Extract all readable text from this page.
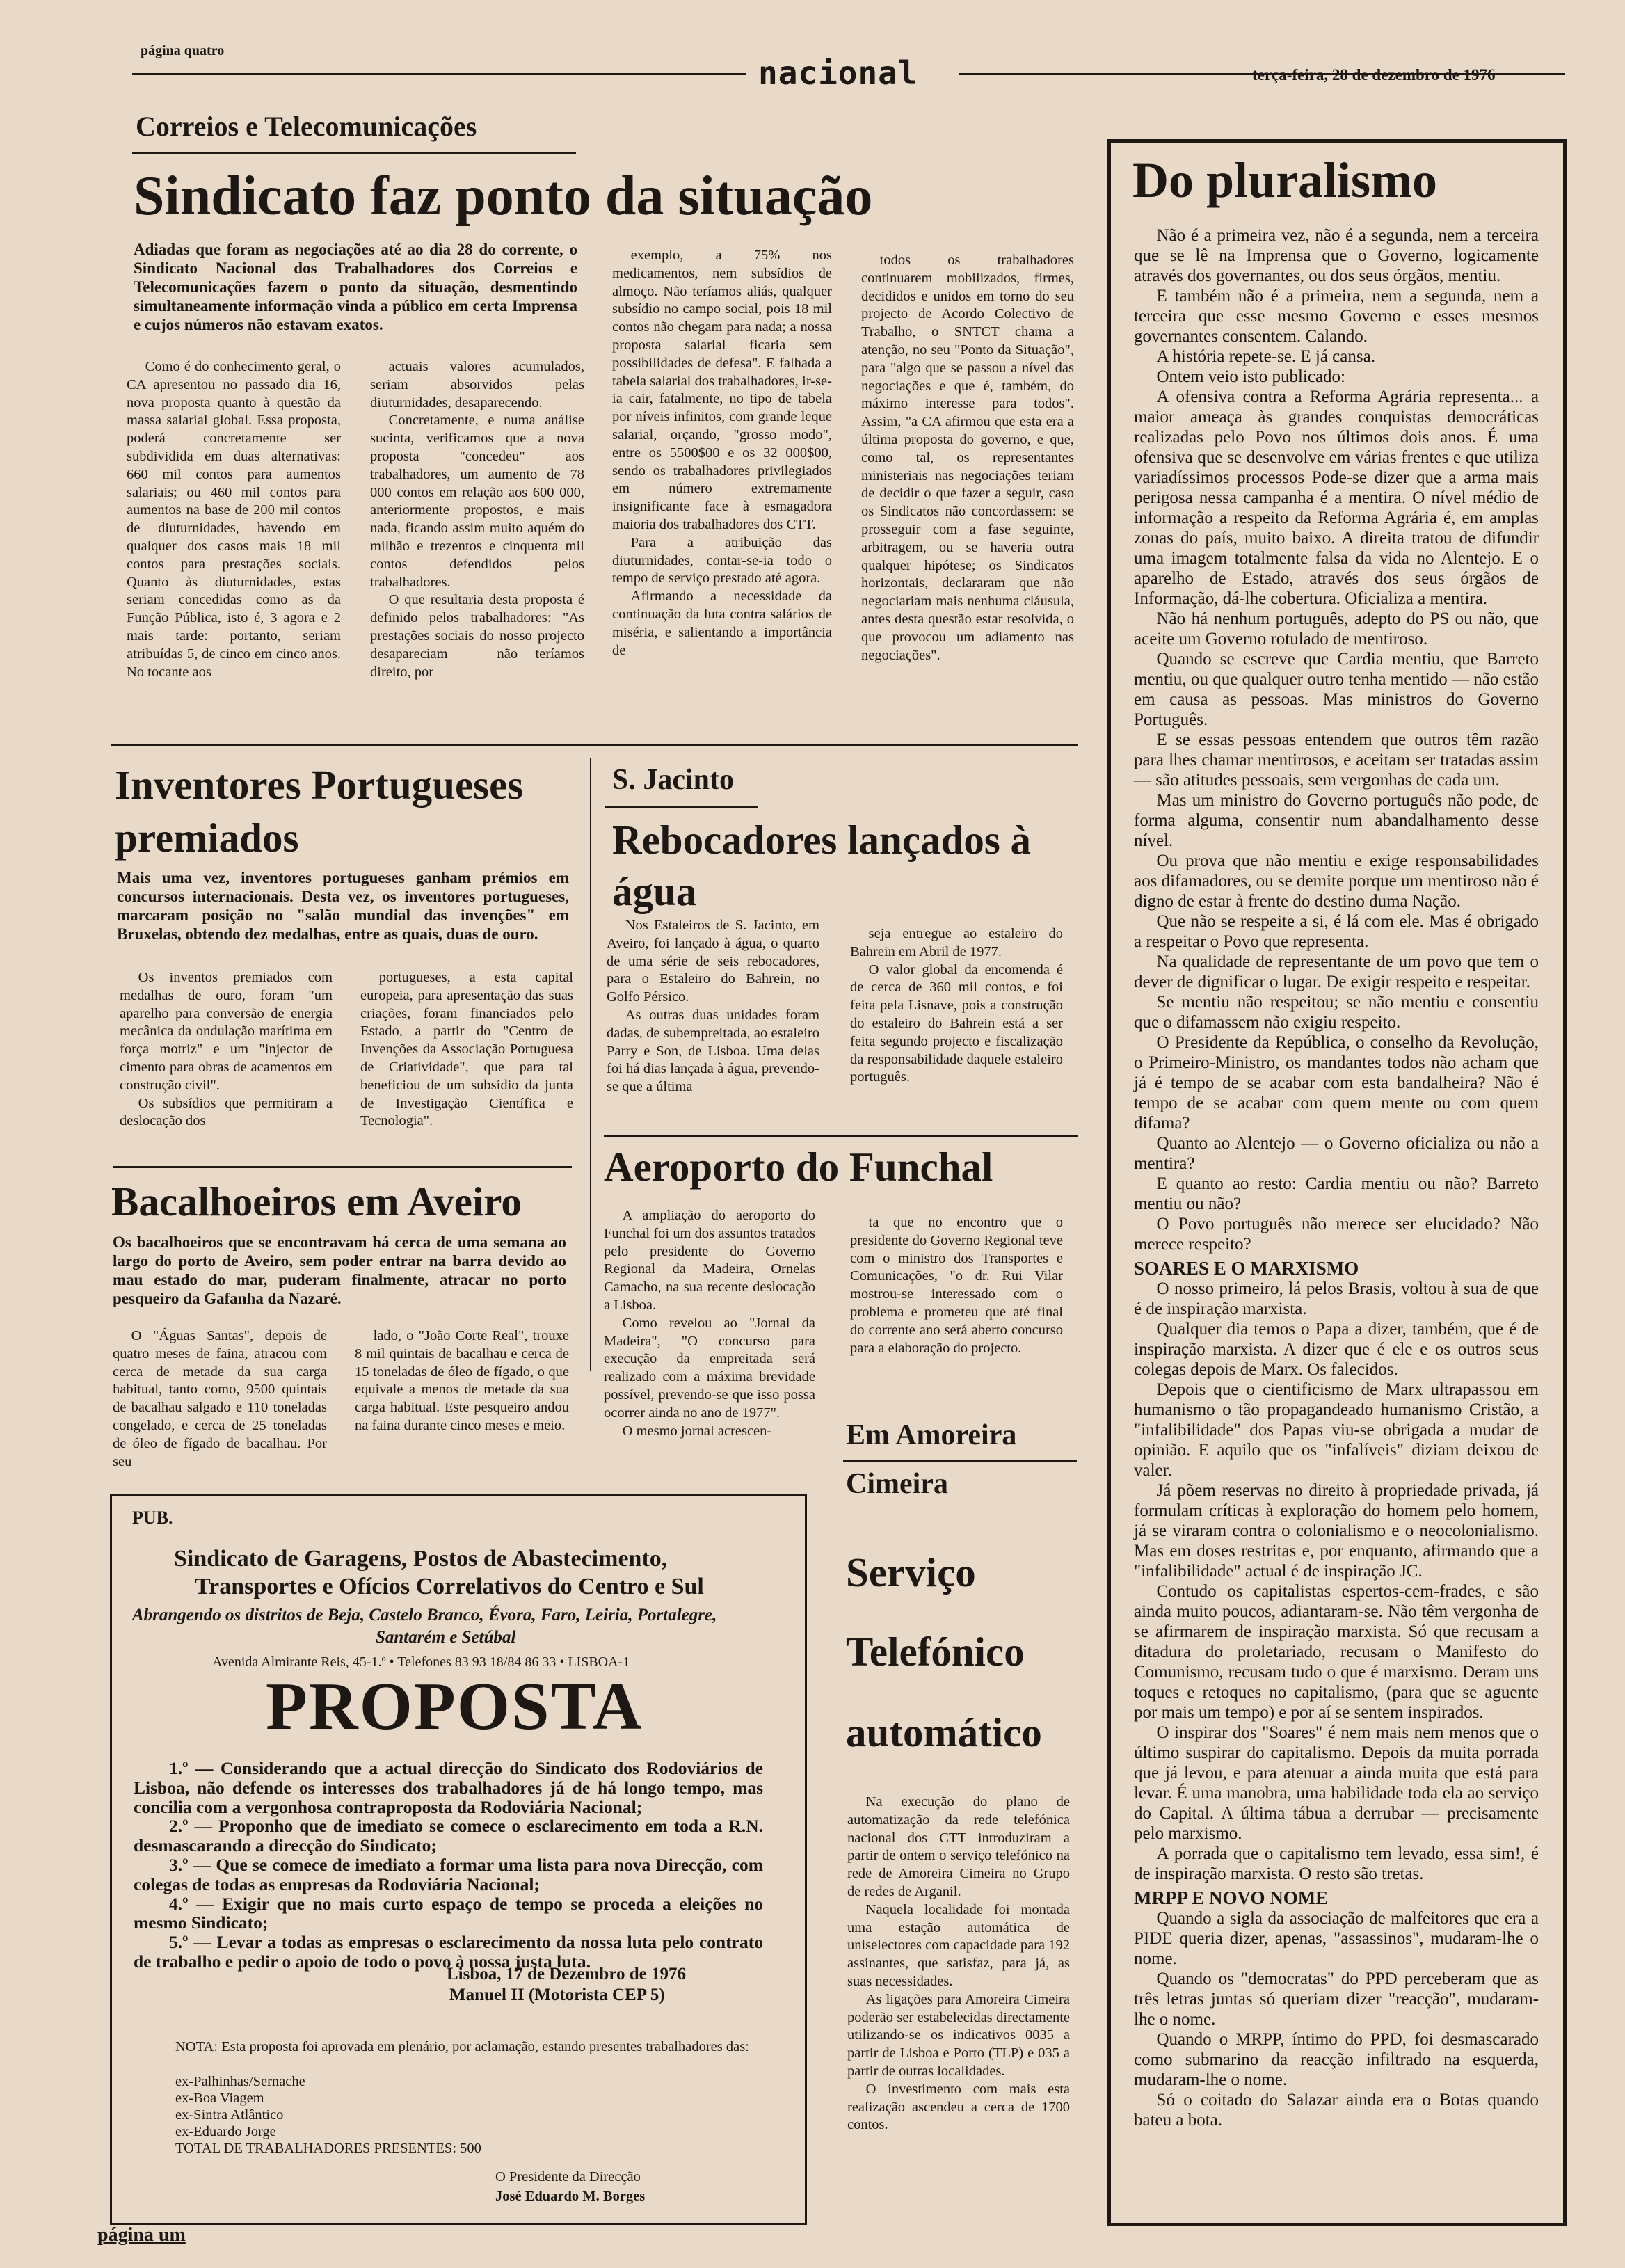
página quatro
nacional	terça-feira, 28 de dezembro de 1976
Correios e Telecomunicações
Sindicato faz ponto da situação
Adiadas que foram as negociações até ao dia 28 do corrente, o Sindicato Nacional dos Trabalhadores dos Correios e Telecomunicações fazem o ponto da situação, desmentindo simultaneamente informação vinda a público em certa Imprensa e cujos números não estavam exatos.

Como é do conhecimento geral, o CA apresentou no passado dia 16, nova proposta quanto à questão da massa salarial global. Essa proposta, poderá concretamente ser subdividida em duas alternativas: 660 mil contos para aumentos salariais; ou 460 mil contos para aumentos na base de 200 mil contos de diuturnidades, havendo em qualquer dos casos mais 18 mil contos para prestações sociais. Quanto às diuturnidades, estas seriam concedidas como as da Função Pública, isto é, 3 agora e 2 mais tarde: portanto, seriam atribuídas 5, de cinco em cinco anos. No tocante aos

actuais valores acumulados, seriam absorvidos pelas diuturnidades, desaparecendo.

Concretamente, e numa análise sucinta, verificamos que a nova proposta "concedeu" aos trabalhadores, um aumento de 78 000 contos em relação aos 600 000, anteriormente propostos, e mais nada, ficando assim muito aquém do milhão e trezentos e cinquenta mil contos defendidos pelos trabalhadores.

O que resultaria desta proposta é definido pelos trabalhadores: "As prestações sociais do nosso projecto desapareciam — não teríamos direito, por

exemplo, a 75% nos medicamentos, nem subsídios de almoço. Não teríamos aliás, qualquer subsídio no campo social, pois 18 mil contos não chegam para nada; a nossa proposta salarial ficaria sem possibilidades de defesa". E falhada a tabela salarial dos trabalhadores, ir-se-ia cair, fatalmente, no tipo de tabela por níveis infinitos, com grande leque salarial, orçando, "grosso modo", entre os 5500$00 e os 32 000$00, sendo os trabalhadores privilegiados em número extremamente insignificante face à esmagadora maioria dos trabalhadores dos CTT.

Para a atribuição das diuturnidades, contar-se-ia todo o tempo de serviço prestado até agora.

Afirmando a necessidade da continuação da luta contra salários de miséria, e salientando a importância de

todos os trabalhadores continuarem mobilizados, firmes, decididos e unidos em torno do seu projecto de Acordo Colectivo de Trabalho, o SNTCT chama a atenção, no seu "Ponto da Situação", para "algo que se passou a nível das negociações e que é, também, do máximo interesse para todos". Assim, "a CA afirmou que esta era a última proposta do governo, e que, como tal, os representantes ministeriais nas negociações teriam de decidir o que fazer a seguir, caso os Sindicatos não concordassem: se prosseguir com a fase seguinte, arbitragem, ou se haveria outra qualquer hipótese; os Sindicatos horizontais, declararam que não negociariam mais nenhuma cláusula, antes desta questão estar resolvida, o que provocou um adiamento nas negociações".

Do pluralismo

Não é a primeira vez, não é a segunda, nem a terceira que se lê na Imprensa que o Governo, logicamente através dos governantes, ou dos seus órgãos, mentiu.

E também não é a primeira, nem a segunda, nem a terceira que esse mesmo Governo e esses mesmos governantes consentem. Calando.

A história repete-se. E já cansa.

Ontem veio isto publicado:

A ofensiva contra a Reforma Agrária representa... a maior ameaça às grandes conquistas democráticas realizadas pelo Povo nos últimos dois anos. É uma ofensiva que se desenvolve em várias frentes e que utiliza variadíssimos processos Pode-se dizer que a arma mais perigosa nessa campanha é a mentira. O nível médio de informação a respeito da Reforma Agrária é, em amplas zonas do país, muito baixo. A direita tratou de difundir uma imagem totalmente falsa da vida no Alentejo. E o aparelho de Estado, através dos seus órgãos de Informação, dá-lhe cobertura. Oficializa a mentira.

Não há nenhum português, adepto do PS ou não, que aceite um Governo rotulado de mentiroso.

Quando se escreve que Cardia mentiu, que Barreto mentiu, ou que qualquer outro tenha mentido — não estão em causa as pessoas. Mas ministros do Governo Português.

E se essas pessoas entendem que outros têm razão para lhes chamar mentirosos, e aceitam ser tratadas assim — são atitudes pessoais, sem vergonhas de cada um.

Mas um ministro do Governo português não pode, de forma alguma, consentir num abandalhamento desse nível.

Ou prova que não mentiu e exige responsabilidades aos difamadores, ou se demite porque um mentiroso não é digno de estar à frente do destino duma Nação.

Que não se respeite a si, é lá com ele. Mas é obrigado a respeitar o Povo que representa.

Na qualidade de representante de um povo que tem o dever de dignificar o lugar. De exigir respeito e respeitar.

Se mentiu não respeitou; se não mentiu e consentiu que o difamassem não exigiu respeito.

O Presidente da República, o conselho da Revolução, o Primeiro-Ministro, os mandantes todos não acham que já é tempo de se acabar com esta bandalheira? Não é tempo de se acabar com quem mente ou com quem difama?

Quanto ao Alentejo — o Governo oficializa ou não a mentira?

E quanto ao resto: Cardia mentiu ou não? Barreto mentiu ou não?

O Povo português não merece ser elucidado? Não merece respeito?

SOARES E O MARXISMO

O nosso primeiro, lá pelos Brasis, voltou à sua de que é de inspiração marxista.

Qualquer dia temos o Papa a dizer, também, que é de inspiração marxista. A dizer que é ele e os outros seus colegas depois de Marx. Os falecidos.

Depois que o cientificismo de Marx ultrapassou em humanismo o tão propagandeado humanismo Cristão, a "infalibilidade" dos Papas viu-se obrigada a mudar de opinião. E aquilo que os "infalíveis" diziam deixou de valer.

Já põem reservas no direito à propriedade privada, já formulam críticas à exploração do homem pelo homem, já se viraram contra o colonialismo e o neocolonialismo. Mas em doses restritas e, por enquanto, afirmando que a "infalibilidade" actual é de inspiração JC.

Contudo os capitalistas espertos-cem-frades, e são ainda muito poucos, adiantaram-se. Não têm vergonha de se afirmarem de inspiração marxista. Só que recusam a ditadura do proletariado, recusam o Manifesto do Comunismo, recusam tudo o que é marxismo. Deram uns toques e retoques no capitalismo, (para que se aguente por mais um tempo) e por aí se sentem inspirados.

O inspirar dos "Soares" é nem mais nem menos que o último suspirar do capitalismo. Depois da muita porrada que já levou, e para atenuar a ainda muita que está para levar. É uma manobra, uma habilidade toda ela ao serviço do Capital. A última tábua a derrubar — precisamente pelo marxismo.

A porrada que o capitalismo tem levado, essa sim!, é de inspiração marxista. O resto são tretas.

MRPP E NOVO NOME

Quando a sigla da associação de malfeitores que era a PIDE queria dizer, apenas, "assassinos", mudaram-lhe o nome.

Quando os "democratas" do PPD perceberam que as três letras juntas só queriam dizer "reacção", mudaram-lhe o nome.

Quando o MRPP, íntimo do PPD, foi desmascarado como submarino da reacção infiltrado na esquerda, mudaram-lhe o nome.

Só o coitado do Salazar ainda era o Botas quando bateu a bota.

Inventores Portugueses premiados
Mais uma vez, inventores portugueses ganham prémios em concursos internacionais. Desta vez, os inventores portugueses, marcaram posição no "salão mundial das invenções" em Bruxelas, obtendo dez medalhas, entre as quais, duas de ouro.

Os inventos premiados com medalhas de ouro, foram "um aparelho para conversão de energia mecânica da ondulação marítima em força motriz" e um "injector de cimento para obras de acamentos em construção civil".

Os subsídios que permitiram a deslocação dos

portugueses, a esta capital europeia, para apresentação das suas criações, foram financiados pelo Estado, a partir do "Centro de Invenções da Associação Portuguesa de Criatividade", que para tal beneficiou de um subsídio da junta de Investigação Científica e Tecnologia".

Bacalhoeiros em Aveiro
Os bacalhoeiros que se encontravam há cerca de uma semana ao largo do porto de Aveiro, sem poder entrar na barra devido ao mau estado do mar, puderam finalmente, atracar no porto pesqueiro da Gafanha da Nazaré.

O "Águas Santas", depois de quatro meses de faina, atracou com cerca de metade da sua carga habitual, tanto como, 9500 quintais de bacalhau salgado e 110 toneladas congelado, e cerca de 25 toneladas de óleo de fígado de bacalhau. Por seu

lado, o "João Corte Real", trouxe 8 mil quintais de bacalhau e cerca de 15 toneladas de óleo de fígado, o que equivale a menos de metade da sua carga habitual. Este pesqueiro andou na faina durante cinco meses e meio.

S. Jacinto
Rebocadores lançados à água

Nos Estaleiros de S. Jacinto, em Aveiro, foi lançado à água, o quarto de uma série de seis rebocadores, para o Estaleiro do Bahrein, no Golfo Pérsico.

As outras duas unidades foram dadas, de subempreitada, ao estaleiro Parry e Son, de Lisboa. Uma delas foi há dias lançada à água, prevendo-se que a última

seja entregue ao estaleiro do Bahrein em Abril de 1977.

O valor global da encomenda é de cerca de 360 mil contos, e foi feita pela Lisnave, pois a construção do estaleiro do Bahrein está a ser feita segundo projecto e fiscalização da responsabilidade daquele estaleiro português.

Aeroporto do Funchal

A ampliação do aeroporto do Funchal foi um dos assuntos tratados pelo presidente do Governo Regional da Madeira, Ornelas Camacho, na sua recente deslocação a Lisboa.

Como revelou ao "Jornal da Madeira", "O concurso para execução da empreitada será realizado com a máxima brevidade possível, prevendo-se que isso possa ocorrer ainda no ano de 1977".

O mesmo jornal acrescen-

ta que no encontro que o presidente do Governo Regional teve com o ministro dos Transportes e Comunicações, "o dr. Rui Vilar mostrou-se interessado com o problema e prometeu que até final do corrente ano será aberto concurso para a elaboração do projecto.

Em Amoreira
Cimeira
Serviço
Telefónico
automático

Na execução do plano de automatização da rede telefónica nacional dos CTT introduziram a partir de ontem o serviço telefónico na rede de Amoreira Cimeira no Grupo de redes de Arganil.

Naquela localidade foi montada uma estação automática de uniselectores com capacidade para 192 assinantes, que satisfaz, para já, as suas necessidades.

As ligações para Amoreira Cimeira poderão ser estabelecidas directamente utilizando-se os indicativos 0035 a partir de Lisboa e Porto (TLP) e 035 a partir de outras localidades.

O investimento com mais esta realização ascendeu a cerca de 1700 contos.

PUB.
Sindicato de Garagens, Postos de Abastecimento,
Transportes e Ofícios Correlativos do Centro e Sul
Abrangendo os distritos de Beja, Castelo Branco, Évora, Faro, Leiria, Portalegre,
Santarém e Setúbal
Avenida Almirante Reis, 45-1.º • Telefones 83 93 18/84 86 33 • LISBOA-1
PROPOSTA

1.º — Considerando que a actual direcção do Sindicato dos Rodoviários de Lisboa, não defende os interesses dos trabalhadores já de há longo tempo, mas concilia com a vergonhosa contraproposta da Rodoviária Nacional;

2.º — Proponho que de imediato se comece o esclarecimento em toda a R.N. desmascarando a direcção do Sindicato;

3.º — Que se comece de imediato a formar uma lista para nova Direcção, com colegas de todas as empresas da Rodoviária Nacional;

4.º — Exigir que no mais curto espaço de tempo se proceda a eleições no mesmo Sindicato;

5.º — Levar a todas as empresas o esclarecimento da nossa luta pelo contrato de trabalho e pedir o apoio de todo o povo à nossa justa luta.

Lisboa, 17 de Dezembro de 1976
Manuel II (Motorista CEP 5)
NOTA: Esta proposta foi aprovada em plenário, por aclamação, estando presentes trabalhadores das:
ex-Palhinhas/Sernache
ex-Boa Viagem
ex-Sintra Atlântico
ex-Eduardo Jorge
TOTAL DE TRABALHADORES PRESENTES: 500
O Presidente da Direcção
José Eduardo M. Borges
página um
